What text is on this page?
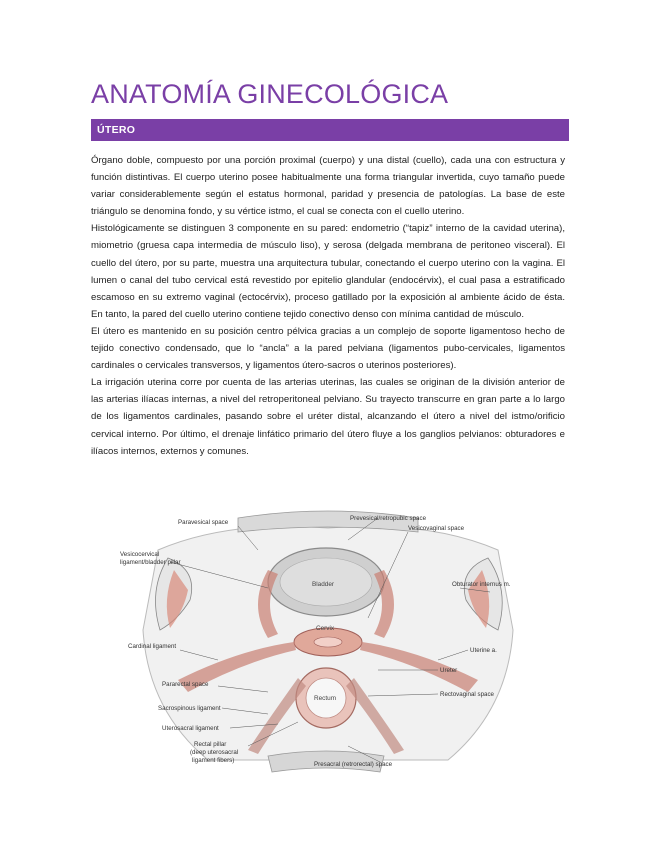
ANATOMÍA GINECOLÓGICA
ÚTERO

Órgano doble, compuesto por una porción proximal (cuerpo) y una distal (cuello), cada una con estructura y función distintivas. El cuerpo uterino posee habitualmente una forma triangular invertida, cuyo tamaño puede variar considerablemente según el estatus hormonal, paridad y presencia de patologías. La base de este triángulo se denomina fondo, y su vértice istmo, el cual se conecta con el cuello uterino.

Histológicamente se distinguen 3 componente en su pared: endometrio (“tapiz” interno de la cavidad uterina), miometrio (gruesa capa intermedia de músculo liso), y serosa (delgada membrana de peritoneo visceral). El cuello del útero, por su parte, muestra una arquitectura tubular, conectando el cuerpo uterino con la vagina. El lumen o canal del tubo cervical está revestido por epitelio glandular (endocérvix), el cual pasa a estratificado escamoso en su extremo vaginal (ectocérvix), proceso gatillado por la exposición al ambiente ácido de ésta. En tanto, la pared del cuello uterino contiene tejido conectivo denso con mínima cantidad de músculo.

El útero es mantenido en su posición centro pélvica gracias a un complejo de soporte ligamentoso hecho de tejido conectivo condensado, que lo “ancla” a la pared pelviana (ligamentos pubo-cervicales, ligamentos cardinales o cervicales transversos, y ligamentos útero-sacros o uterinos posteriores).

La irrigación uterina corre por cuenta de las arterias uterinas, las cuales se originan de la división anterior de las arterias ilíacas internas, a nivel del retroperitoneal pelviano. Su trayecto transcurre en gran parte a lo largo de los ligamentos cardinales, pasando sobre el uréter distal, alcanzando el útero a nivel del istmo/orificio cervical interno. Por último, el drenaje linfático primario del útero fluye a los ganglios pelvianos: obturadores e ilíacos internos, externos y comunes.

Paravesical space
Prevesical/retropubic space
Vesicocervical
ligament/bladder pillar
Vesicovaginal space
Obturator internus m.
Cardinal ligament
Uterine a.
Ureter
Pararectal space
Rectovaginal space
Sacrospinous ligament
Uterosacral ligament
Rectal pillar
(deep uterosacral
ligament fibers)
Presacral (retrorectal) space
Bladder
Cervix
Rectum
